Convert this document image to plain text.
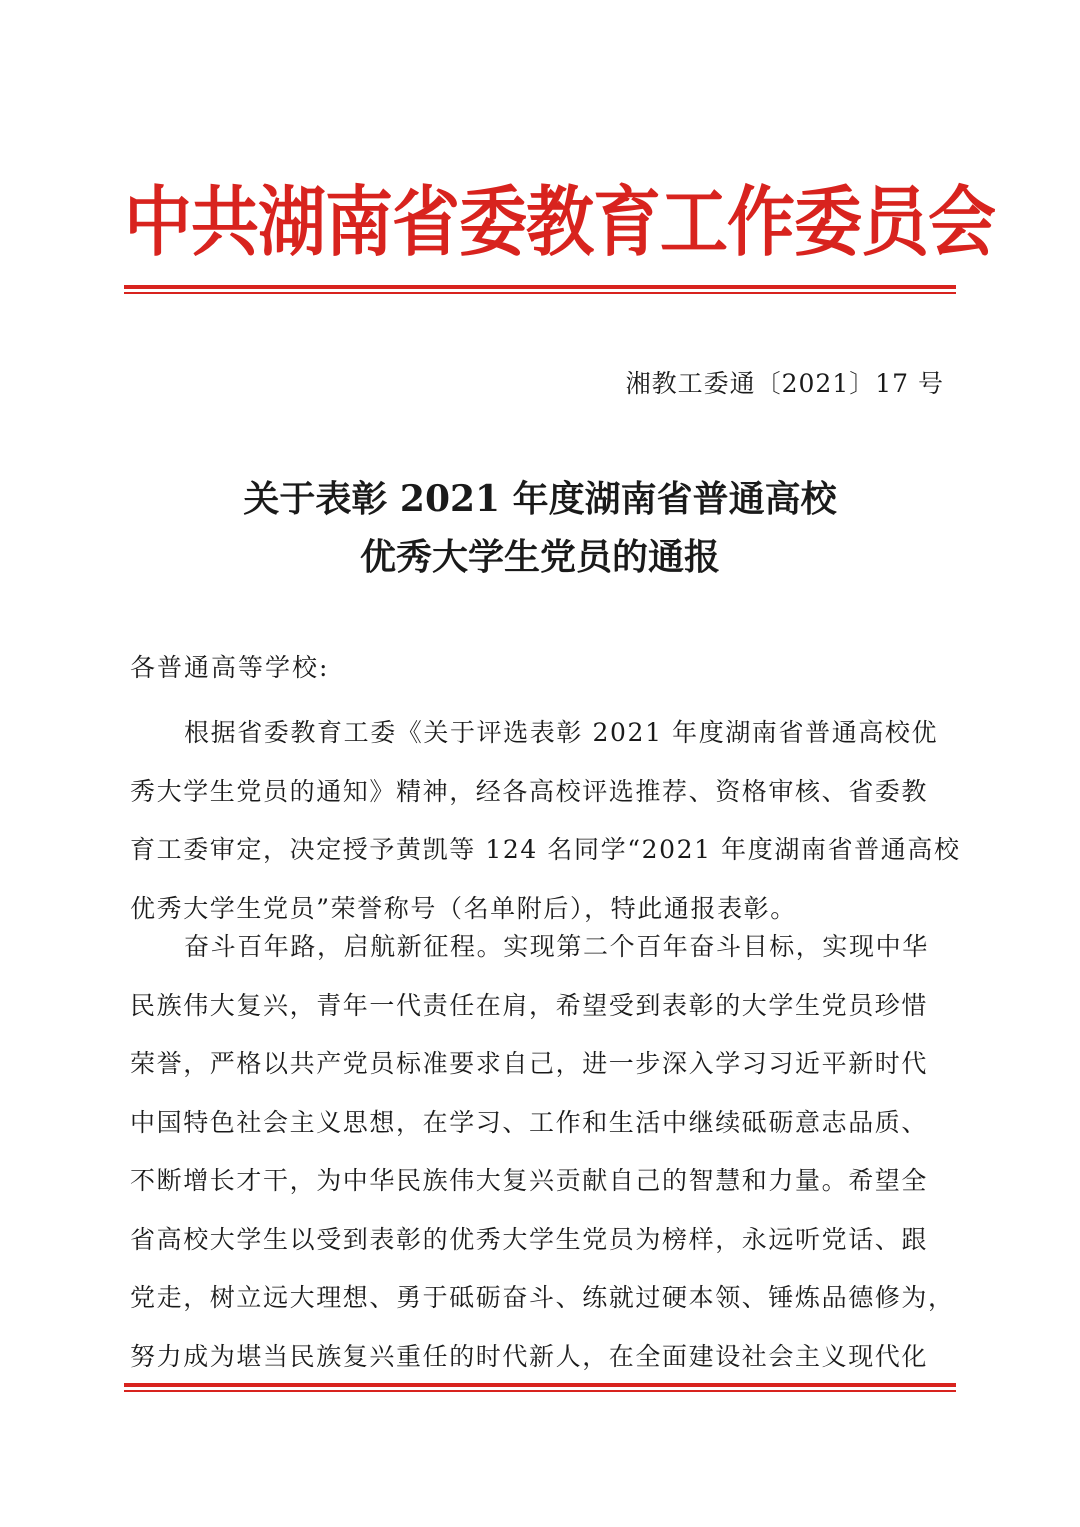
中共湖南省委教育工作委员会
湘教工委通〔2021〕17 号
关于表彰 2021 年度湖南省普通高校
优秀大学生党员的通报
各普通高等学校:
根据省委教育工委《关于评选表彰 2021 年度湖南省普通高校优
秀大学生党员的通知》精神，经各高校评选推荐、资格审核、省委教
育工委审定，决定授予黄凯等 124 名同学“2021 年度湖南省普通高校
优秀大学生党员”荣誉称号（名单附后），特此通报表彰。
奋斗百年路，启航新征程。实现第二个百年奋斗目标，实现中华
民族伟大复兴，青年一代责任在肩，希望受到表彰的大学生党员珍惜
荣誉，严格以共产党员标准要求自己，进一步深入学习习近平新时代
中国特色社会主义思想，在学习、工作和生活中继续砥砺意志品质、
不断增长才干，为中华民族伟大复兴贡献自己的智慧和力量。希望全
省高校大学生以受到表彰的优秀大学生党员为榜样，永远听党话、跟
党走，树立远大理想、勇于砥砺奋斗、练就过硬本领、锤炼品德修为，
努力成为堪当民族复兴重任的时代新人，在全面建设社会主义现代化
